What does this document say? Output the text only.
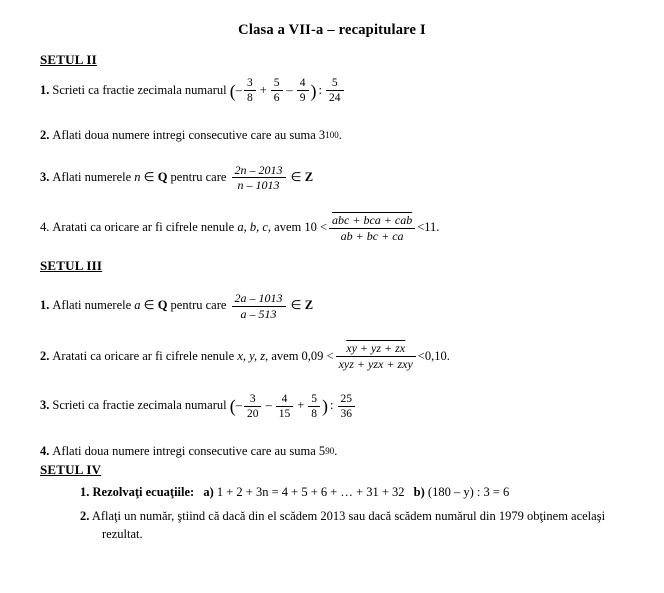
Clasa a VII-a – recapitulare I
SETUL II
1. Scrieti ca fractie zecimala numarul
( – $\frac{3}{8} + \frac{5}{6} - \frac{4}{9}$ ) : $\frac{5}{24}$
2. Aflati doua numere intregi consecutive care au suma 3 100 .
3. Aflati numerele n ∈ Q pentru care $\frac{2n - 2013}{n - 1013}$ ∈ Z
4. Aratati ca oricare ar fi cifrele nenule a, b, c, avem $10 < \frac{\text{abc + bca + cab}}{ab + bc + ca} <11$.
SETUL III
1. Aflati numerele a ∈ Q pentru care $\frac{2a - 1013}{a - 513}$ ∈ Z
2. Aratati ca oricare ar fi cifrele nenule x, y, z, avem $0,09 < \frac{xy + yz + zx}{\text{xyz + yzx + zxy}} <0,10$.
3. Scrieti ca fractie zecimala numarul
( – $\frac{3}{20} - \frac{4}{15} + \frac{5}{8}$ ) : $\frac{25}{36}$
4. Aflati doua numere intregi consecutive care au suma 5 90 .
SETUL IV
1. Rezolvaţi ecuaţiile: a) 1 + 2 + 3n = 4 + 5 + 6 + … + 31 + 32 b) (180 – y) : 3 = 6
2. Aflaţi un număr, ştiind că dacă din el scădem 2013 sau dacă scădem numărul din 1979 obţinem acelaşi
rezultat.
